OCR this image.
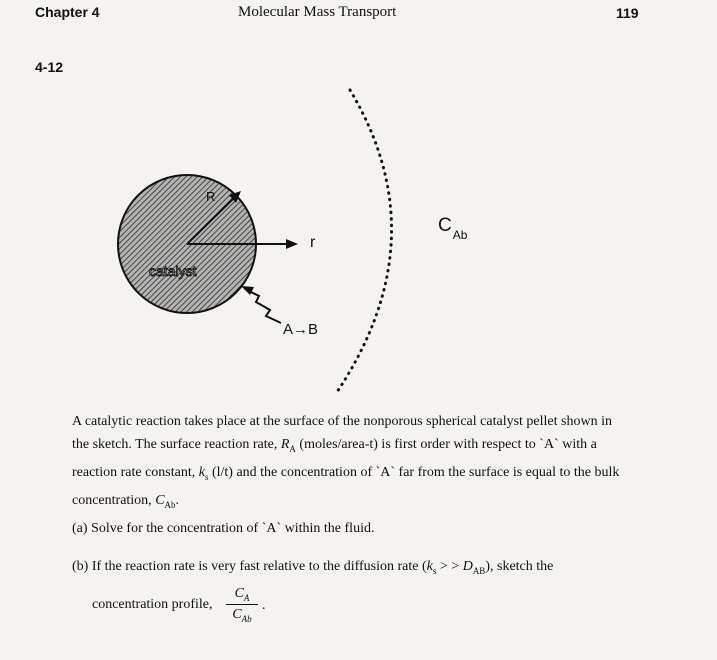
Chapter 4	Molecular Mass Transport	119
4-12
R
r
catalyst
$C_{Ab}$
A→B
A catalytic reaction takes place at the surface of the nonporous spherical catalyst pellet shown in
the sketch. The surface reaction rate, $R_A$ (moles/area-t) is first order with respect to `A` with a
reaction rate constant, $k_s$ (l/t) and the concentration of `A` far from the surface is equal to the bulk
concentration, $C_{Ab}$.
(a) Solve for the concentration of `A` within the fluid.
(b) If the reaction rate is very fast relative to the diffusion rate ($k_s$ > > $D_{AB}$), sketch the
concentration profile,
$C_A$
$C_{Ab}$
.
